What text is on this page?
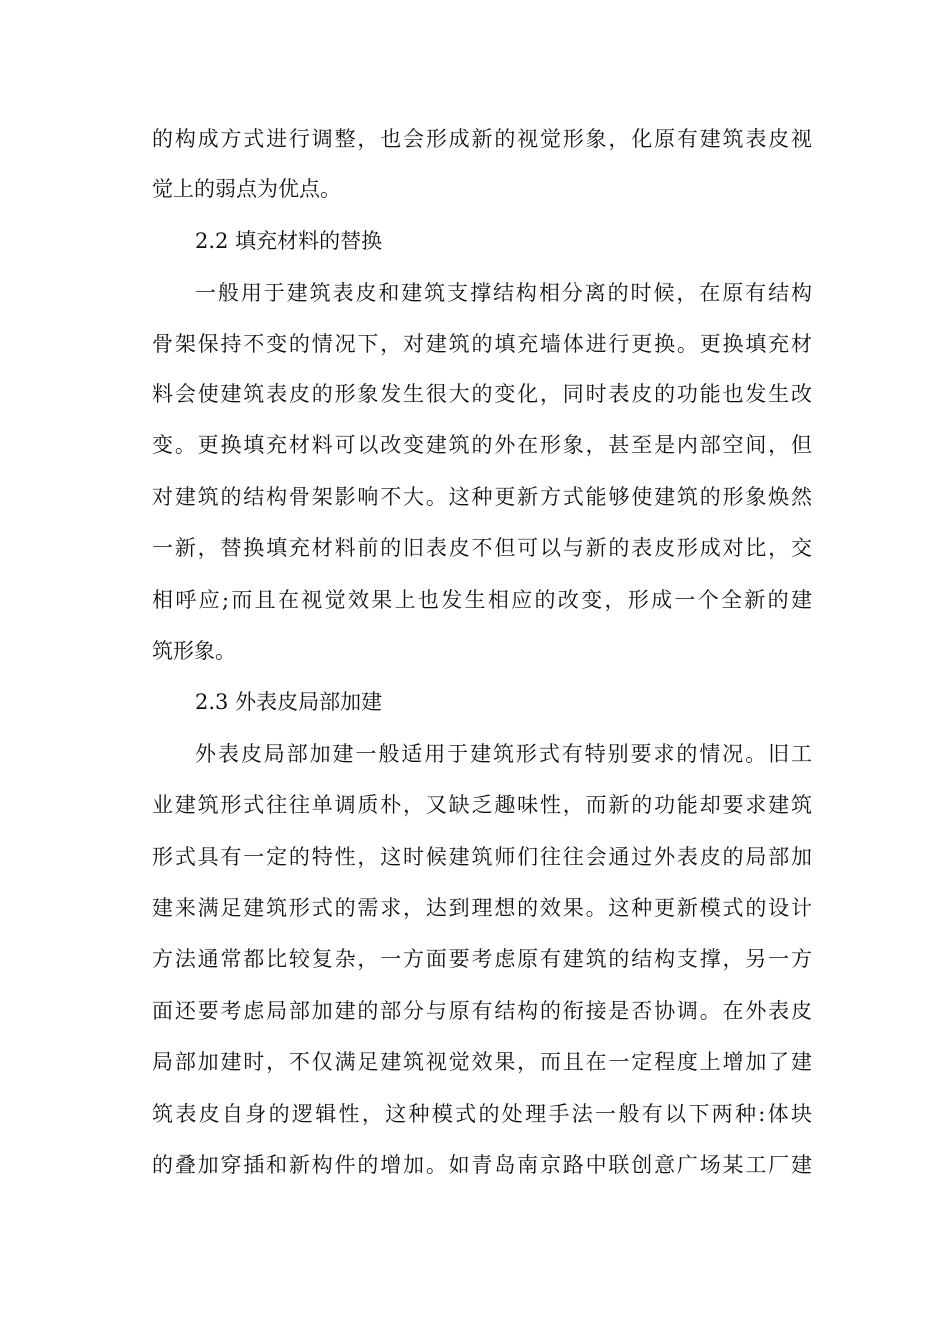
的构成方式进行调整，也会形成新的视觉形象，化原有建筑表皮视
觉上的弱点为优点。
2.2 填充材料的替换
一般用于建筑表皮和建筑支撑结构相分离的时候，在原有结构
骨架保持不变的情况下，对建筑的填充墙体进行更换。更换填充材
料会使建筑表皮的形象发生很大的变化，同时表皮的功能也发生改
变。更换填充材料可以改变建筑的外在形象，甚至是内部空间，但
对建筑的结构骨架影响不大。这种更新方式能够使建筑的形象焕然
一新，替换填充材料前的旧表皮不但可以与新的表皮形成对比，交
相呼应;而且在视觉效果上也发生相应的改变，形成一个全新的建
筑形象。
2.3 外表皮局部加建
外表皮局部加建一般适用于建筑形式有特别要求的情况。旧工
业建筑形式往往单调质朴，又缺乏趣味性，而新的功能却要求建筑
形式具有一定的特性，这时候建筑师们往往会通过外表皮的局部加
建来满足建筑形式的需求，达到理想的效果。这种更新模式的设计
方法通常都比较复杂，一方面要考虑原有建筑的结构支撑，另一方
面还要考虑局部加建的部分与原有结构的衔接是否协调。在外表皮
局部加建时，不仅满足建筑视觉效果，而且在一定程度上增加了建
筑表皮自身的逻辑性，这种模式的处理手法一般有以下两种:体块
的叠加穿插和新构件的增加。如青岛南京路中联创意广场某工厂建
